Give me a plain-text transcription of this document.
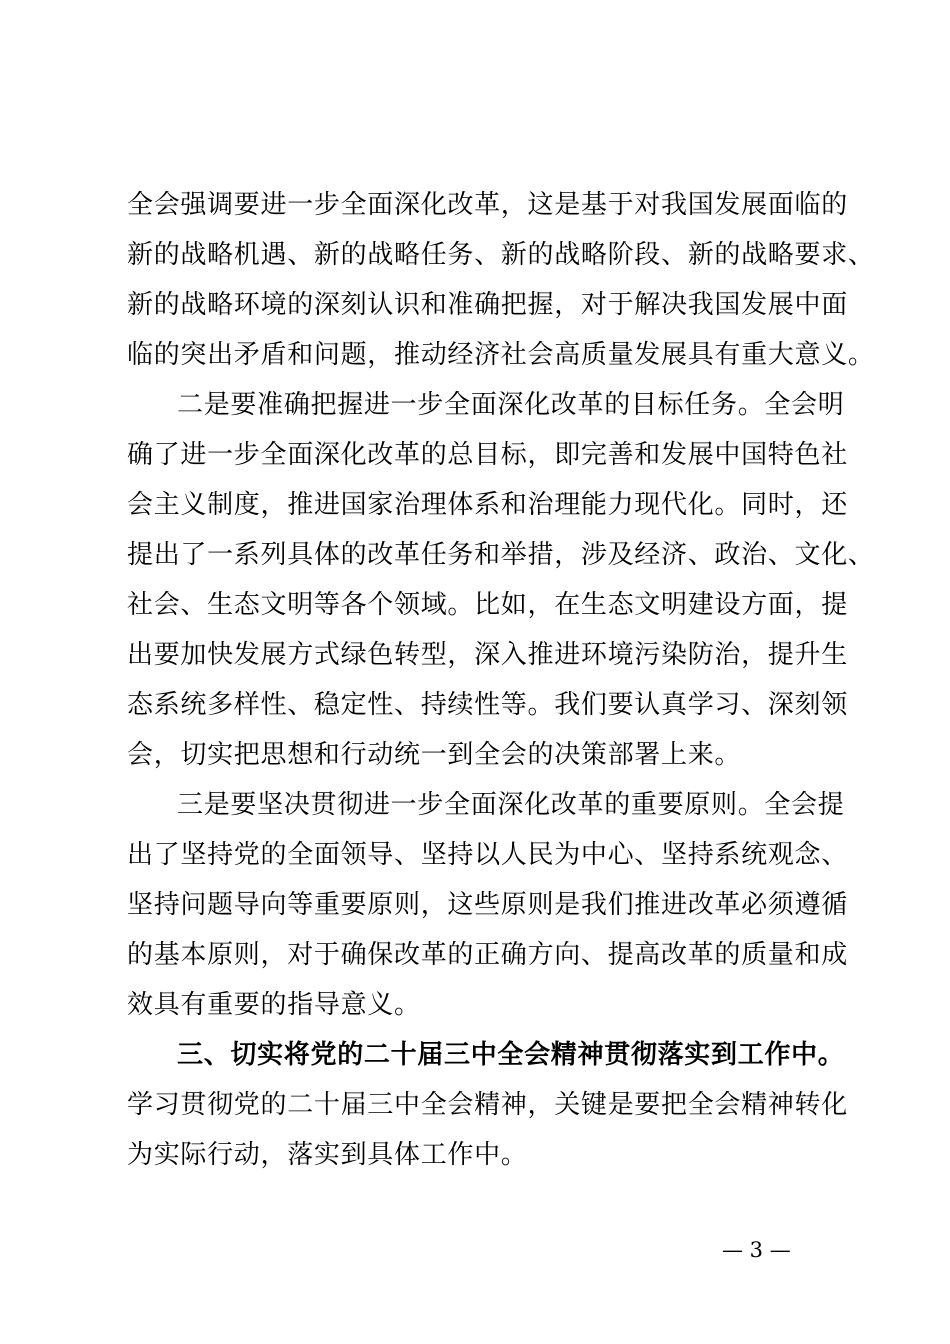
全会强调要进一步全面深化改革，这是基于对我国发展面临的
新的战略机遇、新的战略任务、新的战略阶段、新的战略要求、
新的战略环境的深刻认识和准确把握，对于解决我国发展中面
临的突出矛盾和问题，推动经济社会高质量发展具有重大意义。
二是要准确把握进一步全面深化改革的目标任务。全会明
确了进一步全面深化改革的总目标，即完善和发展中国特色社
会主义制度，推进国家治理体系和治理能力现代化。同时，还
提出了一系列具体的改革任务和举措，涉及经济、政治、文化、
社会、生态文明等各个领域。比如，在生态文明建设方面，提
出要加快发展方式绿色转型，深入推进环境污染防治，提升生
态系统多样性、稳定性、持续性等。我们要认真学习、深刻领
会，切实把思想和行动统一到全会的决策部署上来。
三是要坚决贯彻进一步全面深化改革的重要原则。全会提
出了坚持党的全面领导、坚持以人民为中心、坚持系统观念、
坚持问题导向等重要原则，这些原则是我们推进改革必须遵循
的基本原则，对于确保改革的正确方向、提高改革的质量和成
效具有重要的指导意义。
三、切实将党的二十届三中全会精神贯彻落实到工作中。
学习贯彻党的二十届三中全会精神，关键是要把全会精神转化
为实际行动，落实到具体工作中。
— 3 —
